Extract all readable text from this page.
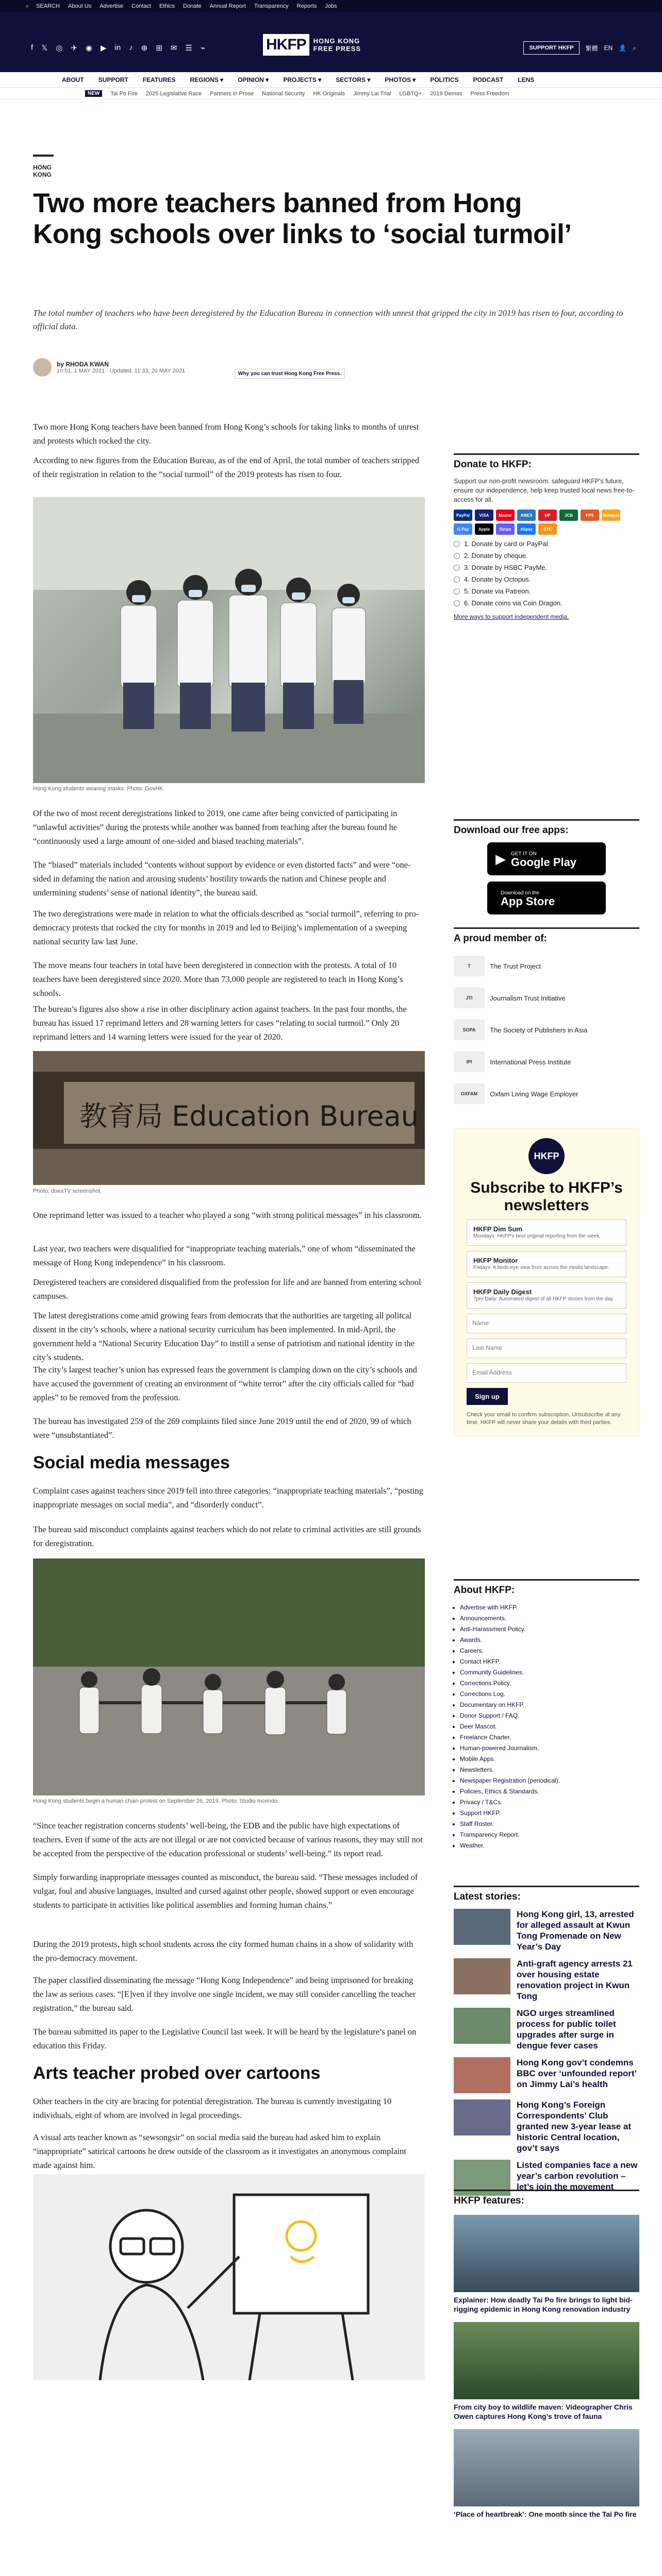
⌕ SEARCH About Us Advertise Contact Ethics Donate Annual Report Transparency Reports Jobs
f 𝕏 ◎ ✈ ◉ ▶ in ♪ ⊕ ⊞ ✉ ☰ ⌁	HKFP	HONG KONG
FREE PRESS	SUPPORT HKFP	繁體 EN 👤 ⌕
ABOUT SUPPORT FEATURES REGIONS ▾ OPINION ▾ PROJECTS ▾ SECTORS ▾ PHOTOS ▾ POLITICS PODCAST LENS
NEW	Tai Po Fire 2025 Legislative Race Partners in Prose National Security HK Originals Jimmy Lai Trial LGBTQ+ 2019 Demos Press Freedom
HONG KONG
Two more teachers banned from Hong Kong schools over links to ‘social turmoil’
The total number of teachers who have been deregistered by the Education Bureau in connection with unrest that gripped the city in 2019 has risen to four, according to official data.
by RHODA KWAN
10:51, 1 MAY 2021 · Updated: 11:33, 20 MAY 2021	Why you can trust Hong Kong Free Press.
Two more Hong Kong teachers have been banned from Hong Kong’s schools for taking links to months of unrest and protests which rocked the city.
According to new figures from the Education Bureau, as of the end of April, the total number of teachers stripped of their registration in relation to the “social turmoil” of the 2019 protests has risen to four.
Hong Kong students wearing masks. Photo: GovHK.
Of the two of most recent deregistrations linked to 2019, one came after being convicted of participating in “unlawful activities” during the protests while another was banned from teaching after the bureau found he “continuously used a large amount of one-sided and biased teaching materials”.
The “biased” materials included “contents without support by evidence or even distorted facts” and were “one-sided in defaming the nation and arousing students’ hostility towards the nation and Chinese people and undermining students’ sense of national identity”, the bureau said.
The two deregistrations were made in relation to what the officials described as “social turmoil”, referring to pro-democracy protests that rocked the city for months in 2019 and led to Beijing’s implementation of a sweeping national security law last June.
The move means four teachers in total have been deregistered in connection with the protests. A total of 10 teachers have been deregistered since 2020. More than 73,000 people are registered to teach in Hong Kong’s schools.
The bureau’s figures also show a rise in other disciplinary action against teachers. In the past four months, the bureau has issued 17 reprimand letters and 28 warning letters for cases “relating to social turmoil.” Only 20 reprimand letters and 14 warning letters were issued for the year of 2020.
教育局 Education Bureau
Photo: doeaTV screenshot.
One reprimand letter was issued to a teacher who played a song “with strong political messages” in his classroom.
Last year, two teachers were disqualified for “inappropriate teaching materials,” one of whom “disseminated the message of Hong Kong independence” in his classroom.
Deregistered teachers are considered disqualified from the profession for life and are banned from entering school campuses.
The latest deregistrations come amid growing fears from democrats that the authorities are targeting all politcal dissent in the city’s schools, where a national security curriculum has been implemented. In mid-April, the government held a “National Security Education Day” to instill a sense of patriotism and national identity in the city’s students.
The city’s largest teacher’s union has expressed fears the government is clamping down on the city’s schools and have accused the government of creating an environment of “white terror” after the city officials called for “bad apples” to be removed from the profession.
The bureau has investigated 259 of the 269 complaints filed since June 2019 until the end of 2020, 99 of which were “unsubstantiated”.
Social media messages
Complaint cases against teachers since 2019 fell into three categories: “inappropriate teaching materials”, “posting inappropriate messages on social media”, and “disorderly conduct”.
The bureau said misconduct complaints against teachers which do not relate to criminal activities are still grounds for deregistration.
Hong Kong students begin a human chain protest on September 26, 2019. Photo: Studio Incendo.
“Since teacher registration concerns students’ well-being, the EDB and the public have high expectations of teachers. Even if some of the acts are not illegal or are not convicted because of various reasons, they may still not be accepted from the perspective of the education professional or students’ well-being.” its report read.
Simply forwarding inappropriate messages counted as misconduct, the bureau said. “These messages included of vulgar, foul and abusive languages, insulted and cursed against other people, showed support or even encourage students to participate in activities like political assemblies and forming human chains.”
During the 2019 protests, high school students across the city formed human chains in a show of solidarity with the pro-democracy movement.
The paper classified disseminating the message “Hong Kong Independence” and being imprisoned for breaking the law as serious cases. “[E]ven if they involve one single incident, we may still consider cancelling the teacher registration,” the bureau said.
The bureau submitted its paper to the Legislative Council last week. It will be heard by the legislature’s panel on education this Friday.
Arts teacher probed over cartoons
Other teachers in the city are bracing for potential deregistration. The bureau is currently investigating 10 individuals, eight of whom are involved in legal proceedings.
A visual arts teacher known as “sewsongsir” on social media said the bureau had asked him to explain “inappropriate” satirical cartoons he drew outside of the classroom as it investigates an anonymous complaint made against him.
Donate to HKFP:
Support our non-profit newsroom: safeguard HKFP's future, ensure our independence, help keep trusted local news free-to-access for all.
PayPal	VISA	Master	AMEX	UP	JCB	FPS	Octopus
G Pay	Apple	Stripe	Alipay	BTC
1. Donate by card or PayPal.
2. Donate by cheque.
3. Donate by HSBC PayMe.
4. Donate by Octopus.
5. Donate via Patreon.
6. Donate coins via Coin Dragon.
More ways to support independent media.
Download our free apps:
▶ GET IT ON
Google Play
Download on the
App Store
A proud member of:
T	The Trust Project
JTI	Journalism Trust Initiative
SOPA	The Society of Publishers in Asia
IPI	International Press Institute
OXFAM	Oxfam Living Wage Employer
HKFP
Subscribe to HKFP’s newsletters
HKFP Dim Sum
Mondays: HKFP's best original reporting from the week.
HKFP Monitor
Fridays: A birds-eye view from across the media landscape.
HKFP Daily Digest
7pm Daily: Automated digest of all HKFP stories from the day.
Name
Last Name
Email Address
Sign up
Check your email to confirm subscription. Unsubscribe at any time. HKFP will never share your details with third parties.
About HKFP:
• Advertise with HKFP.
• Announcements.
• Anti-Harassment Policy.
• Awards.
• Careers.
• Contact HKFP.
• Community Guidelines.
• Corrections Policy.
• Corrections Log.
• Documentary on HKFP.
• Donor Support / FAQ.
• Deer Mascot.
• Freelance Charter.
• Human-powered Journalism.
• Mobile Apps.
• Newsletters.
• Newspaper Registration (periodical).
• Policies, Ethics & Standards.
• Privacy / T&Cs.
• Support HKFP.
• Staff Roster.
• Transparency Report.
• Weather.
Latest stories:
Hong Kong girl, 13, arrested for alleged assault at Kwun Tong Promenade on New Year’s Day
Anti-graft agency arrests 21 over housing estate renovation project in Kwun Tong
NGO urges streamlined process for public toilet upgrades after surge in dengue fever cases
Hong Kong gov’t condemns BBC over ‘unfounded report’ on Jimmy Lai’s health
Hong Kong’s Foreign Correspondents’ Club granted new 3-year lease at historic Central location, gov’t says
Listed companies face a new year’s carbon revolution – let’s join the movement
HKFP features:
Explainer: How deadly Tai Po fire brings to light bid-rigging epidemic in Hong Kong renovation industry
From city boy to wildlife maven: Videographer Chris Owen captures Hong Kong’s trove of fauna
‘Place of heartbreak’: One month since the Tai Po fire
